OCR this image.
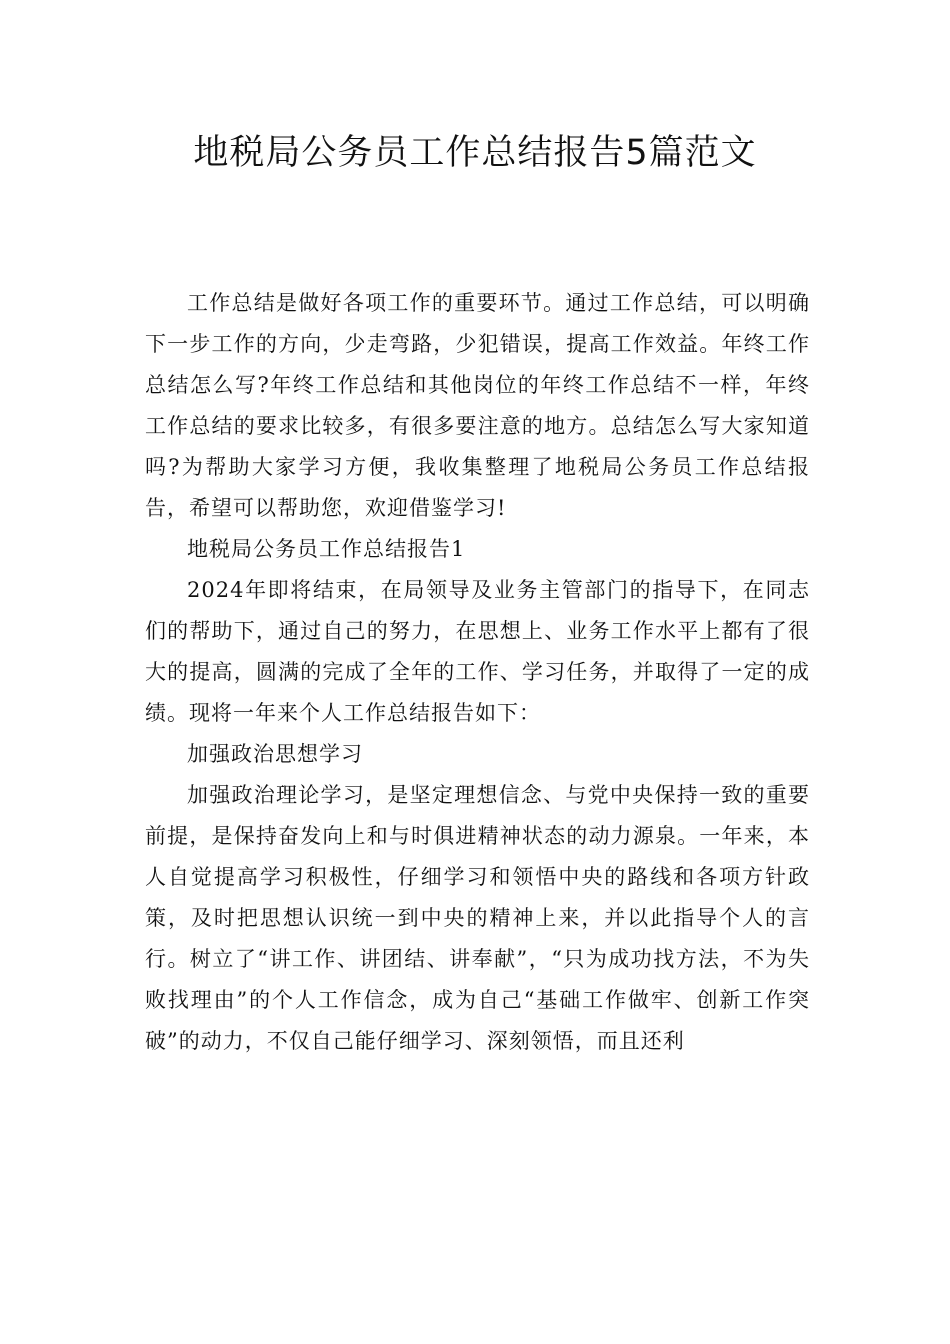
地税局公务员工作总结报告5篇范文

工作总结是做好各项工作的重要环节。通过工作总结，可以明确下一步工作的方向，少走弯路，少犯错误，提高工作效益。年终工作总结怎么写?年终工作总结和其他岗位的年终工作总结不一样，年终工作总结的要求比较多，有很多要注意的地方。总结怎么写大家知道吗?为帮助大家学习方便，我收集整理了地税局公务员工作总结报告，希望可以帮助您，欢迎借鉴学习!

地税局公务员工作总结报告1

2024年即将结束，在局领导及业务主管部门的指导下，在同志们的帮助下，通过自己的努力，在思想上、业务工作水平上都有了很大的提高，圆满的完成了全年的工作、学习任务，并取得了一定的成绩。现将一年来个人工作总结报告如下：

加强政治思想学习

加强政治理论学习，是坚定理想信念、与党中央保持一致的重要前提，是保持奋发向上和与时俱进精神状态的动力源泉。一年来，本人自觉提高学习积极性，仔细学习和领悟中央的路线和各项方针政策，及时把思想认识统一到中央的精神上来，并以此指导个人的言行。树立了“讲工作、讲团结、讲奉献”，“只为成功找方法，不为失败找理由”的个人工作信念，成为自己“基础工作做牢、创新工作突破”的动力，不仅自己能仔细学习、深刻领悟，而且还利
